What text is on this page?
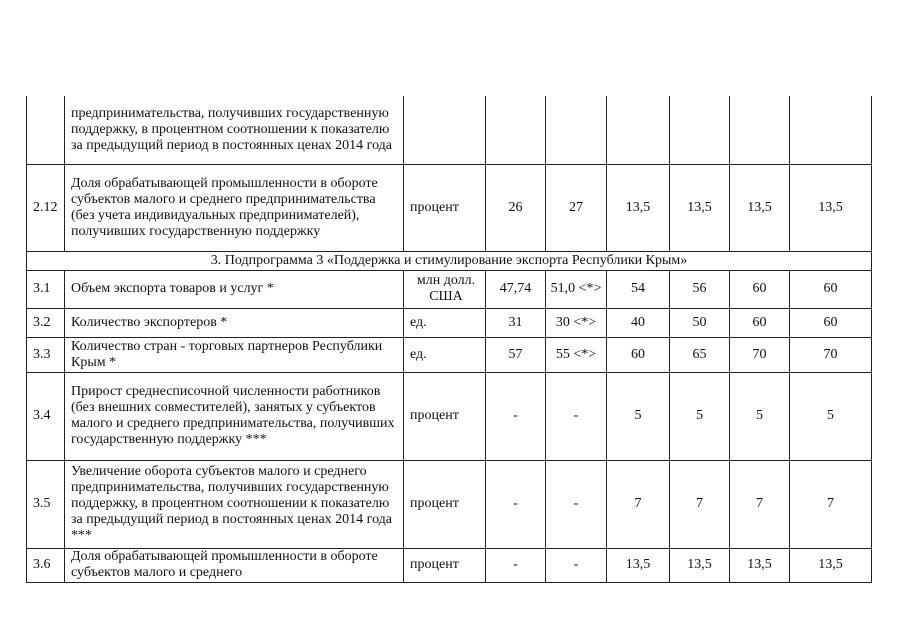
	предпринимательства, получивших государственную поддержку, в процентном соотношении к показателю за предыдущий период в постоянных ценах 2014 года							
2.12	Доля обрабатывающей промышленности в обороте субъектов малого и среднего предпринимательства (без учета индивидуальных предпринимателей), получивших государственную поддержку	процент	26	27	13,5	13,5	13,5	13,5
3. Подпрограмма 3 «Поддержка и стимулирование экспорта Республики Крым»								
3.1	Объем экспорта товаров и услуг *	млн долл. США	47,74	51,0 <*>	54	56	60	60
3.2	Количество экспортеров *	ед.	31	30 <*>	40	50	60	60
3.3	Количество стран - торговых партнеров Республики Крым *	ед.	57	55 <*>	60	65	70	70
3.4	Прирост среднесписочной численности работников (без внешних совместителей), занятых у субъектов малого и среднего предпринимательства, получивших государственную поддержку ***	процент	-	-	5	5	5	5
3.5	Увеличение оборота субъектов малого и среднего предпринимательства, получивших государственную поддержку, в процентном соотношении к показателю за предыдущий период в постоянных ценах 2014 года ***	процент	-	-	7	7	7	7
3.6	Доля обрабатывающей промышленности в обороте субъектов малого и среднего	процент	-	-	13,5	13,5	13,5	13,5
